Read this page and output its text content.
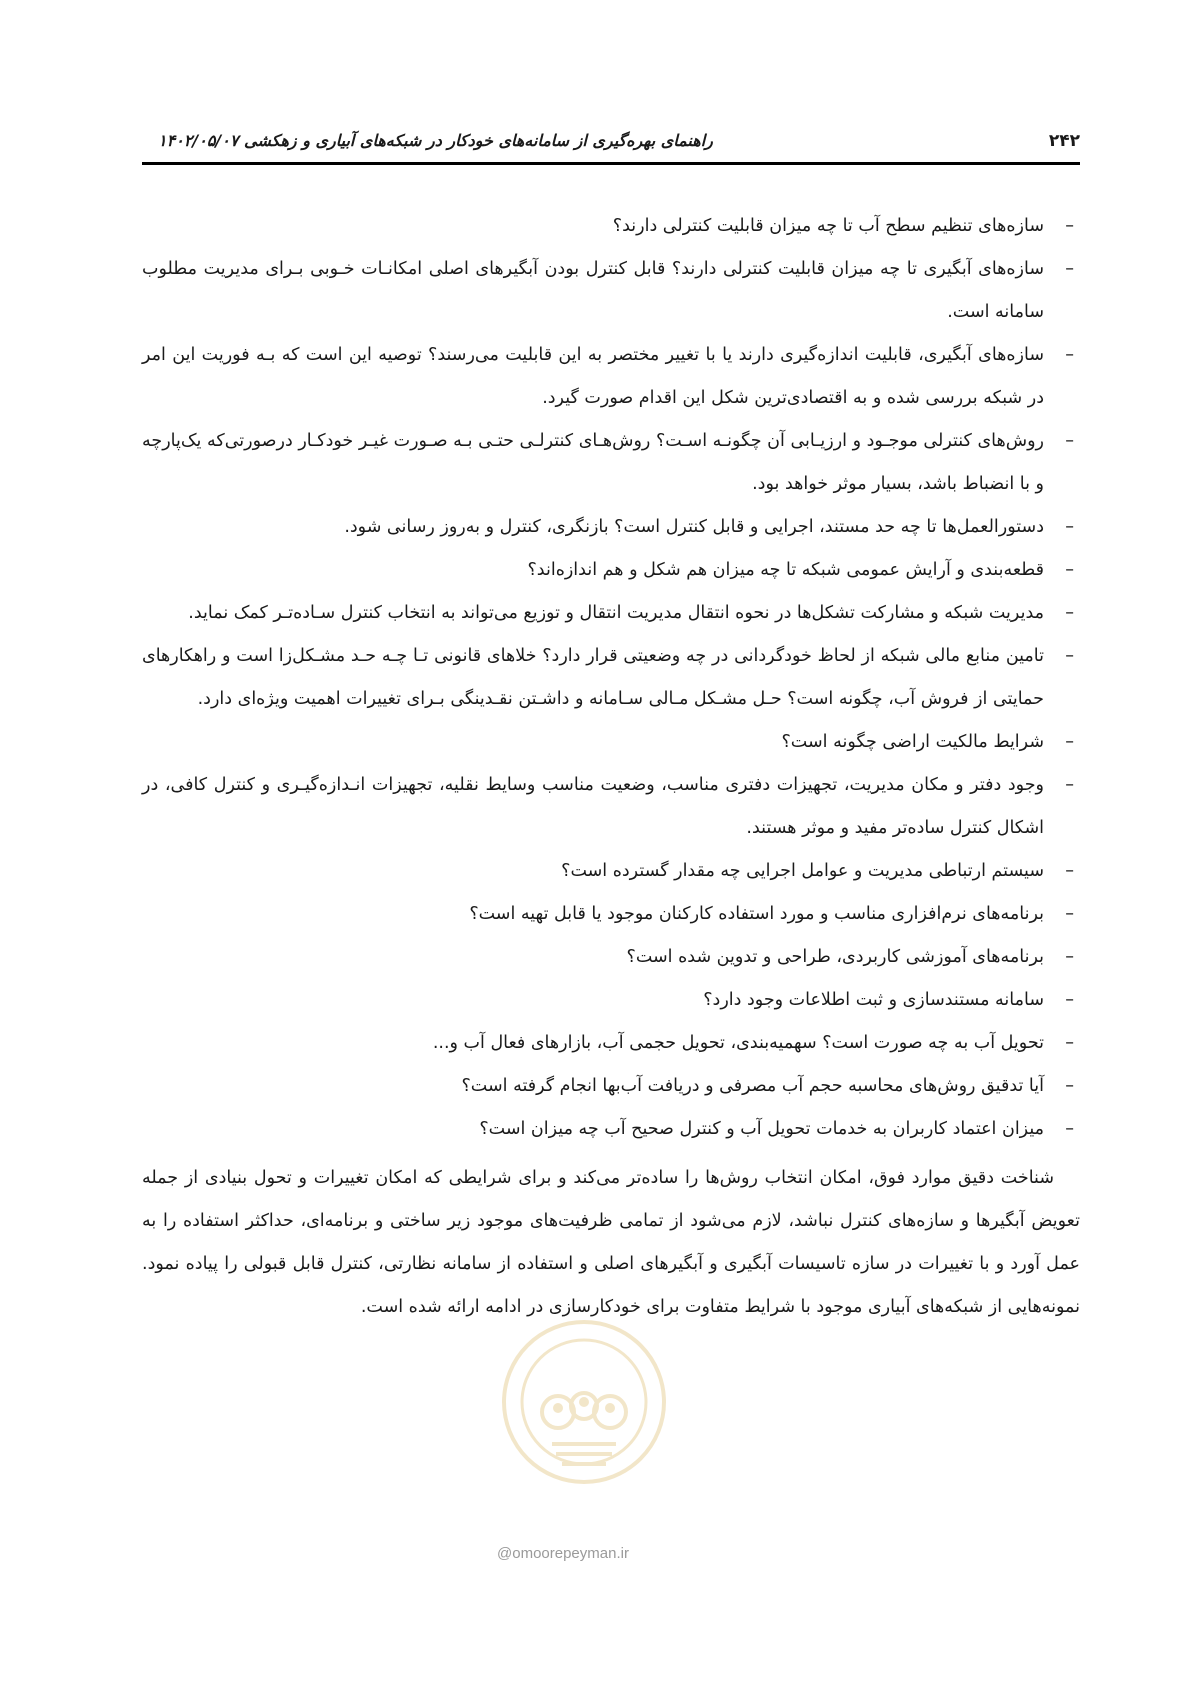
۲۴۲
راهنمای بهره‌گیری از سامانه‌های خودکار در شبکه‌های آبیاری و زهکشی ۱۴۰۲/۰۵/۰۷
–
سازه‌های تنظیم سطح آب تا چه میزان قابلیت کنترلی دارند؟
–
سازه‌های آبگیری تا چه میزان قابلیت کنترلی دارند؟ قابل کنترل بودن آبگیرهای اصلی امکانـات خـوبی بـرای مدیریت مطلوب سامانه است.
–
سازه‌های آبگیری، قابلیت اندازه‌گیری دارند یا با تغییر مختصر به این قابلیت می‌رسند؟ توصیه این است که بـه فوریت این امر در شبکه بررسی شده و به اقتصادی‌ترین شکل این اقدام صورت گیرد.
–
روش‌های کنترلی موجـود و ارزیـابی آن چگونـه اسـت؟ روش‌هـای کنترلـی حتـی بـه صـورت غیـر خودکـار درصورتی‌که یک‌پارچه و با انضباط باشد، بسیار موثر خواهد بود.
–
دستورالعمل‌ها تا چه حد مستند، اجرایی و قابل کنترل است؟ بازنگری، کنترل و به‌روز رسانی شود.
–
قطعه‌بندی و آرایش عمومی شبکه تا چه میزان هم شکل و هم اندازه‌اند؟
–
مدیریت شبکه و مشارکت تشکل‌ها در نحوه انتقال مدیریت انتقال و توزیع می‌تواند به انتخاب کنترل سـاده‌تـر کمک نماید.
–
تامین منابع مالی شبکه از لحاظ خودگردانی در چه وضعیتی قرار دارد؟ خلاهای قانونی تـا چـه حـد مشـکل‌زا است و راهکارهای حمایتی از فروش آب، چگونه است؟ حـل مشـکل مـالی سـامانه و داشـتن نقـدینگی بـرای تغییرات اهمیت ویژه‌ای دارد.
–
شرایط مالکیت اراضی چگونه است؟
–
وجود دفتر و مکان مدیریت، تجهیزات دفتری مناسب، وضعیت مناسب وسایط نقلیه، تجهیزات انـدازه‌گیـری و کنترل کافی، در اشکال کنترل ساده‌تر مفید و موثر هستند.
–
سیستم ارتباطی مدیریت و عوامل اجرایی چه مقدار گسترده است؟
–
برنامه‌های نرم‌افزاری مناسب و مورد استفاده کارکنان موجود یا قابل تهیه است؟
–
برنامه‌های آموزشی کاربردی، طراحی و تدوین شده است؟
–
سامانه مستندسازی و ثبت اطلاعات وجود دارد؟
–
تحویل آب به چه صورت است؟ سهمیه‌بندی، تحویل حجمی آب، بازارهای فعال آب و...
–
آیا تدقیق روش‌های محاسبه حجم آب مصرفی و دریافت آب‌بها انجام گرفته است؟
–
میزان اعتماد کاربران به خدمات تحویل آب و کنترل صحیح آب چه میزان است؟

شناخت دقیق موارد فوق، امکان انتخاب روش‌ها را ساده‌تر می‌کند و برای شرایطی که امکان تغییرات و تحول بنیادی از جمله تعویض آبگیرها و سازه‌های کنترل نباشد، لازم می‌شود از تمامی ظرفیت‌های موجود زیر ساختی و برنامه‌ای، حداکثر استفاده را به عمل آورد و با تغییرات در سازه تاسیسات آبگیری و آبگیرهای اصلی و استفاده از سامانه نظارتی، کنترل قابل قبولی را پیاده نمود. نمونه‌هایی از شبکه‌های آبیاری موجود با شرایط متفاوت برای خودکارسازی در ادامه ارائه شده است.

@omoorepeyman.ir
